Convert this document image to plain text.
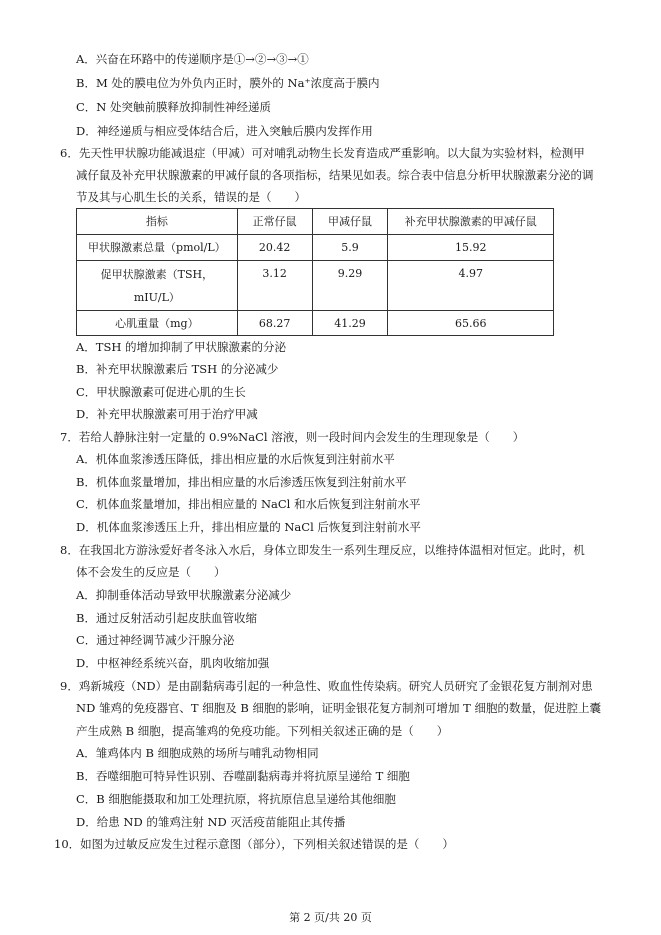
A．兴奋在环路中的传递顺序是①→②→③→①
B．M 处的膜电位为外负内正时，膜外的 Na⁺浓度高于膜内
C．N 处突触前膜释放抑制性神经递质
D．神经递质与相应受体结合后，进入突触后膜内发挥作用
6．先天性甲状腺功能减退症（甲减）可对哺乳动物生长发育造成严重影响。以大鼠为实验材料，检测甲
减仔鼠及补充甲状腺激素的甲减仔鼠的各项指标，结果见如表。综合表中信息分析甲状腺激素分泌的调
节及其与心肌生长的关系，错误的是（　　）
指标	正常仔鼠	甲减仔鼠	补充甲状腺激素的甲减仔鼠
甲状腺激素总量（pmol/L）	20.42	5.9	15.92

促甲状腺激素（TSH，
mIU/L）	3.12	9.29	4.97
心肌重量（mg）	68.27	41.29	65.66
A．TSH 的增加抑制了甲状腺激素的分泌
B．补充甲状腺激素后 TSH 的分泌减少
C．甲状腺激素可促进心肌的生长
D．补充甲状腺激素可用于治疗甲减
7．若给人静脉注射一定量的 0.9%NaCl 溶液，则一段时间内会发生的生理现象是（　　）
A．机体血浆渗透压降低，排出相应量的水后恢复到注射前水平
B．机体血浆量增加，排出相应量的水后渗透压恢复到注射前水平
C．机体血浆量增加，排出相应量的 NaCl 和水后恢复到注射前水平
D．机体血浆渗透压上升，排出相应量的 NaCl 后恢复到注射前水平
8．在我国北方游泳爱好者冬泳入水后，身体立即发生一系列生理反应，以维持体温相对恒定。此时，机
体不会发生的反应是（　　）
A．抑制垂体活动导致甲状腺激素分泌减少
B．通过反射活动引起皮肤血管收缩
C．通过神经调节减少汗腺分泌
D．中枢神经系统兴奋，肌肉收缩加强
9．鸡新城疫（ND）是由副黏病毒引起的一种急性、败血性传染病。研究人员研究了金银花复方制剂对患
ND 雏鸡的免疫器官、T 细胞及 B 细胞的影响，证明金银花复方制剂可增加 T 细胞的数量，促进腔上囊
产生成熟 B 细胞，提高雏鸡的免疫功能。下列相关叙述正确的是（　　）
A．雏鸡体内 B 细胞成熟的场所与哺乳动物相同
B．吞噬细胞可特异性识别、吞噬副黏病毒并将抗原呈递给 T 细胞
C．B 细胞能摄取和加工处理抗原，将抗原信息呈递给其他细胞
D．给患 ND 的雏鸡注射 ND 灭活疫苗能阻止其传播
10．如图为过敏反应发生过程示意图（部分），下列相关叙述错误的是（　　）
第 2 页/共 20 页
